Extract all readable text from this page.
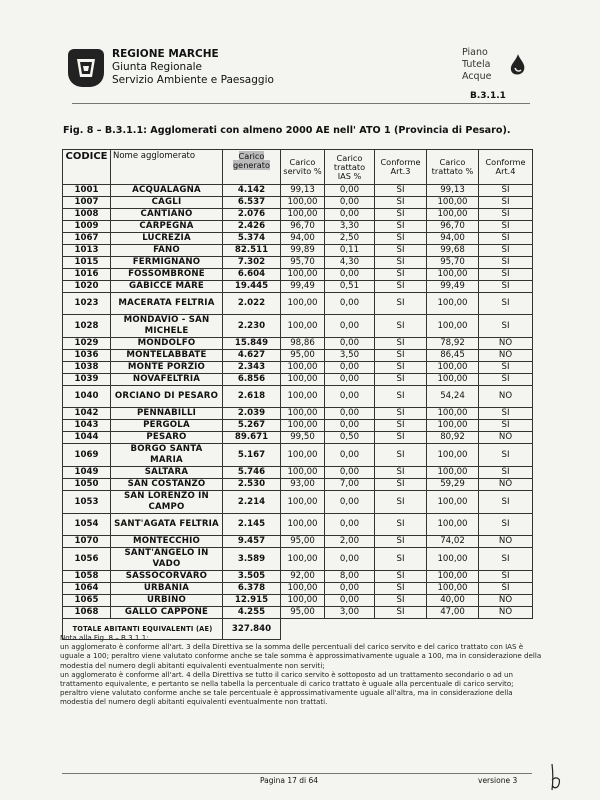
REGIONE MARCHE
Giunta Regionale
Servizio Ambiente e Paesaggio
Piano
Tutela
Acque
B.3.1.1
Fig. 8 – B.3.1.1: Agglomerati con almeno 2000 AE nell' ATO 1 (Provincia di Pesaro).
CODICE	Nome agglomerato	Carico generato	Carico servito %	Carico trattato IAS %	Conforme Art.3	Carico trattato %	Conforme Art.4
1001	ACQUALAGNA	4.142	99,13	0,00	SI	99,13	SI
1007	CAGLI	6.537	100,00	0,00	SI	100,00	SI
1008	CANTIANO	2.076	100,00	0,00	SI	100,00	SI
1009	CARPEGNA	2.426	96,70	3,30	SI	96,70	SI
1067	LUCREZIA	5.374	94,00	2,50	SI	94,00	SI
1013	FANO	82.511	99,89	0,11	SI	99,68	SI
1015	FERMIGNANO	7.302	95,70	4,30	SI	95,70	SI
1016	FOSSOMBRONE	6.604	100,00	0,00	SI	100,00	SI
1020	GABICCE MARE	19.445	99,49	0,51	SI	99,49	SI
1023	MACERATA FELTRIA	2.022	100,00	0,00	SI	100,00	SI
1028	MONDAVIO - SAN MICHELE	2.230	100,00	0,00	SI	100,00	SI
1029	MONDOLFO	15.849	98,86	0,00	SI	78,92	NO
1036	MONTELABBATE	4.627	95,00	3,50	SI	86,45	NO
1038	MONTE PORZIO	2.343	100,00	0,00	SI	100,00	SI
1039	NOVAFELTRIA	6.856	100,00	0,00	SI	100,00	SI
1040	ORCIANO DI PESARO	2.618	100,00	0,00	SI	54,24	NO
1042	PENNABILLI	2.039	100,00	0,00	SI	100,00	SI
1043	PERGOLA	5.267	100,00	0,00	SI	100,00	SI
1044	PESARO	89.671	99,50	0,50	SI	80,92	NO
1069	BORGO SANTA MARIA	5.167	100,00	0,00	SI	100,00	SI
1049	SALTARA	5.746	100,00	0,00	SI	100,00	SI
1050	SAN COSTANZO	2.530	93,00	7,00	SI	59,29	NO
1053	SAN LORENZO IN CAMPO	2.214	100,00	0,00	SI	100,00	SI
1054	SANT'AGATA FELTRIA	2.145	100,00	0,00	SI	100,00	SI
1070	MONTECCHIO	9.457	95,00	2,00	SI	74,02	NO
1056	SANT'ANGELO IN VADO	3.589	100,00	0,00	SI	100,00	SI
1058	SASSOCORVARO	3.505	92,00	8,00	SI	100,00	SI
1064	URBANIA	6.378	100,00	0,00	SI	100,00	SI
1065	URBINO	12.915	100,00	0,00	SI	40,00	NO
1068	GALLO CAPPONE	4.255	95,00	3,00	SI	47,00	NO
TOTALE ABITANTI EQUIVALENTI (AE)		327.840					

Nota alla Fig. 8 – B.3.1.1:

un agglomerato è conforme all'art. 3 della Direttiva se la somma delle percentuali del carico servito e del carico trattato con IAS è uguale a 100; peraltro viene valutato conforme anche se tale somma è approssimativamente uguale a 100, ma in considerazione della modestia del numero degli abitanti equivalenti eventualmente non serviti;

un agglomerato è conforme all'art. 4 della Direttiva se tutto il carico servito è sottoposto ad un trattamento secondario o ad un trattamento equivalente, e pertanto se nella tabella la percentuale di carico trattato è uguale alla percentuale di carico servito; peraltro viene valutato conforme anche se tale percentuale è approssimativamente uguale all'altra, ma in considerazione della modestia del numero degli abitanti equivalenti eventualmente non trattati.

Pagina 17 di 64	versione 3
